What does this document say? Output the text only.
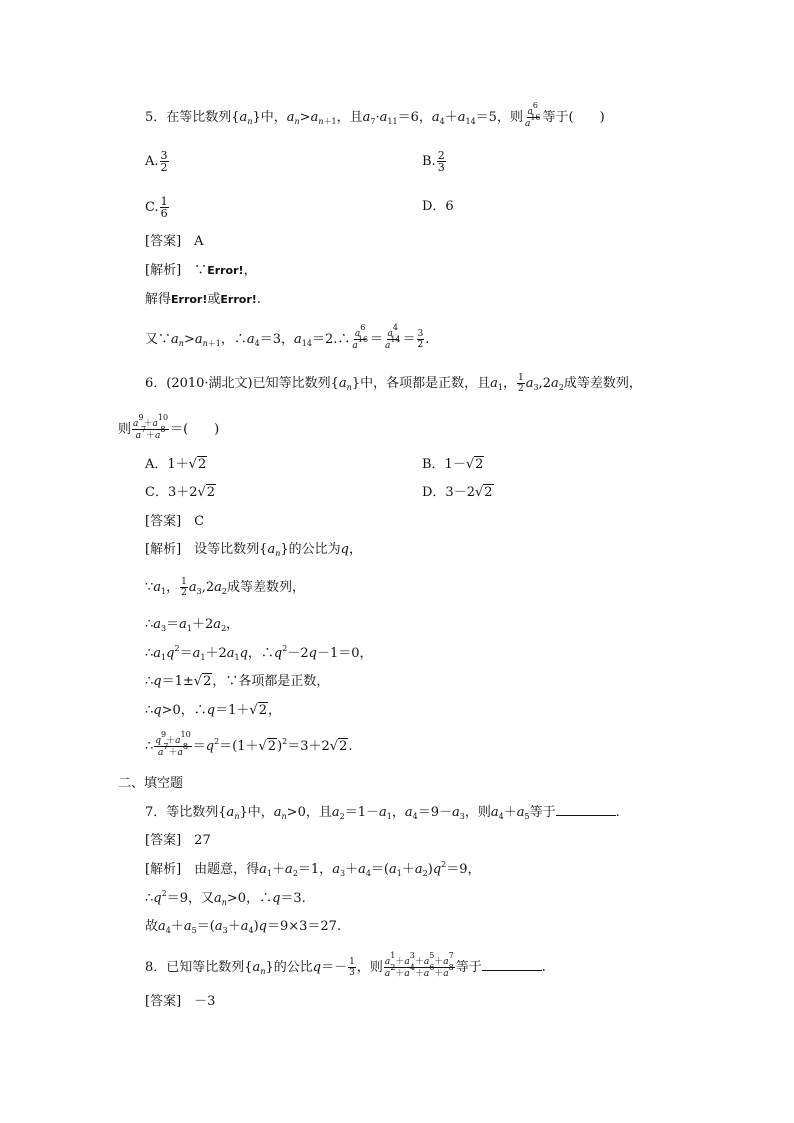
5．在等比数列$\{a_n\}$中，$a_n>a_{n+1}$，且$a_7\cdot a_{11}=6$，$a_4+a_{14}=5$，则 $\frac{a^6}{a^{16}}$ 等于(　　)
A. $\frac{3}{2}$	B. $\frac{2}{3}$
C. $\frac{1}{6}$	D．6
[答案]　 A
[解析]　 ∵Error!，
解得Error!或Error!.
又$\because a_n>a_{n+1}$，$\therefore a_4=3$，$a_{14}=2.\therefore \frac{a^6}{a^{16}} = \frac{a^4}{a^{14}} = \frac{3}{2}$ .
6．(2010·湖北文)已知等比数列$\{a_n\}$中，各项都是正数，且$a_1$， $\frac{1}{2} a_3,2a_2$成等差数列，
则 $\frac{a^9+a^{10}}{a^7+a^8}$ ＝(　　)
A．1＋√2	B．1－√2
C．3＋2√2	D．3－2√2
[答案]　 C
[解析]　设等比数列$\{a_n\}$的公比为q，
$\because a_1$， $\frac{1}{2} a_3,2a_2$成等差数列，
$\therefore a_3=a_1+2a_2$，
$\therefore a_1q^2=a_1+2a_1q$，$\therefore q^2-2q-1=0$，
∴q＝1±√2，∵各项都是正数，
∴q>0，∴q＝1＋√2，
∴ $\frac{q^9+a^{10}}{a^7+a^8} =q^2=(1+√2)^2=3+2√2$.
二、填空题
7．等比数列$\{a_n\}$中，$a_n>0$，且$a_2=1-a_1$，$a_4=9-a_3$，则$a_4+a_5$等于	.
[答案]　 27
[解析]　由题意，得$a_1+a_2=1$，$a_3+a_4=(a_1+a_2)q^2=9$，
$\therefore q^2=9$，又$a_n>0$，∴q＝3.
故$a_4+a_5=(a_3+a_4)q=9\times 3=27$.
8．已知等比数列$\{a_n\}$的公比$q=- \frac{1}{3}$ ，则 $\frac{a^1+a^3+a^5+a^7}{a^2+a^4+a^6+a^8}$ 等于	.
[答案]　 －3
